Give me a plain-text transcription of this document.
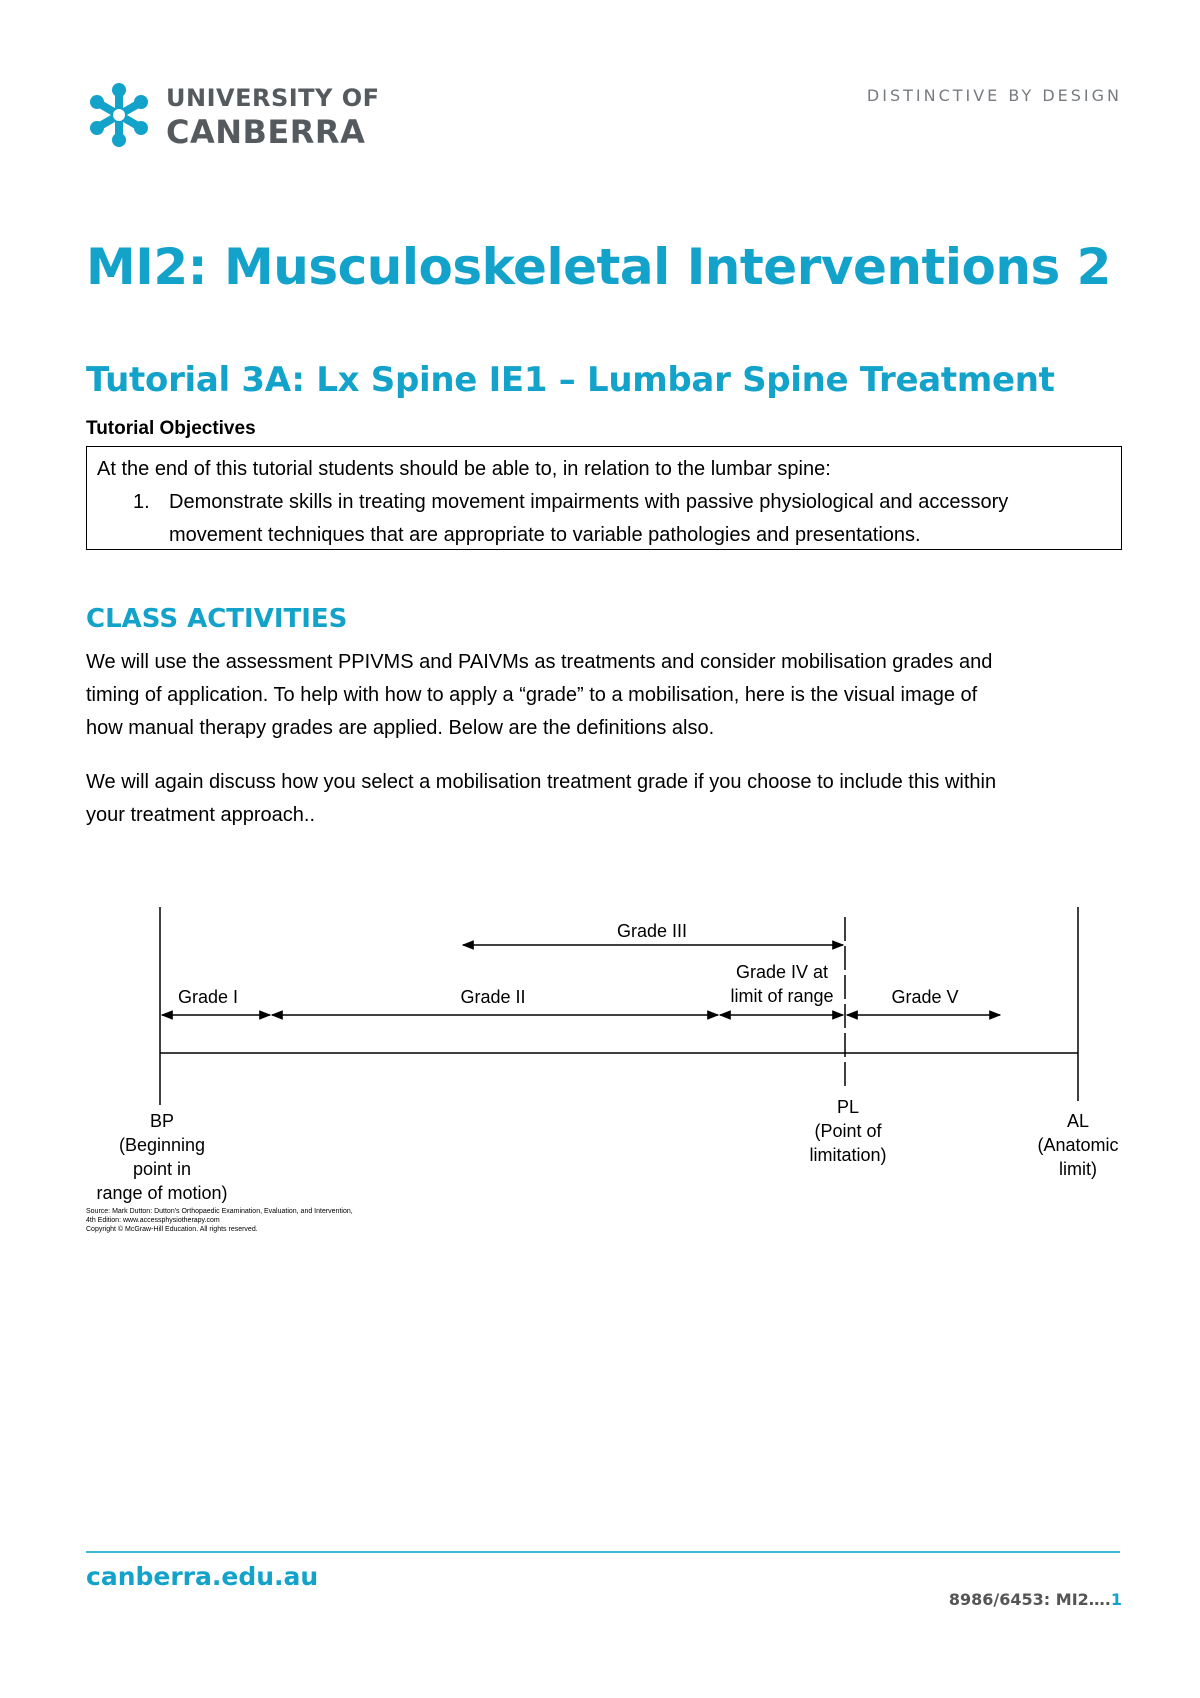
UNIVERSITY OF
CANBERRA
DISTINCTIVE BY DESIGN
MI2: Musculoskeletal Interventions 2
Tutorial 3A: Lx Spine IE1 – Lumbar Spine Treatment
Tutorial Objectives
At the end of this tutorial students should be able to, in relation to the lumbar spine:
1. Demonstrate skills in treating movement impairments with passive physiological and accessory
movement techniques that are appropriate to variable pathologies and presentations.
CLASS ACTIVITIES
We will use the assessment PPIVMS and PAIVMs as treatments and consider mobilisation grades and
timing of application. To help with how to apply a “grade” to a mobilisation, here is the visual image of
how manual therapy grades are applied. Below are the definitions also.
We will again discuss how you select a mobilisation treatment grade if you choose to include this within
your treatment approach..
Grade III
Grade IV at
limit of range
Grade I	Grade II	Grade V
BP
(Beginning
point in
range of motion)
PL
(Point of
limitation)
AL
(Anatomic
limit)
Source: Mark Dutton: Dutton's Orthopaedic Examination, Evaluation, and Intervention,
4th Edition: www.accessphysiotherapy.com
Copyright © McGraw-Hill Education. All rights reserved.
canberra.edu.au
8986/6453: MI2….1
